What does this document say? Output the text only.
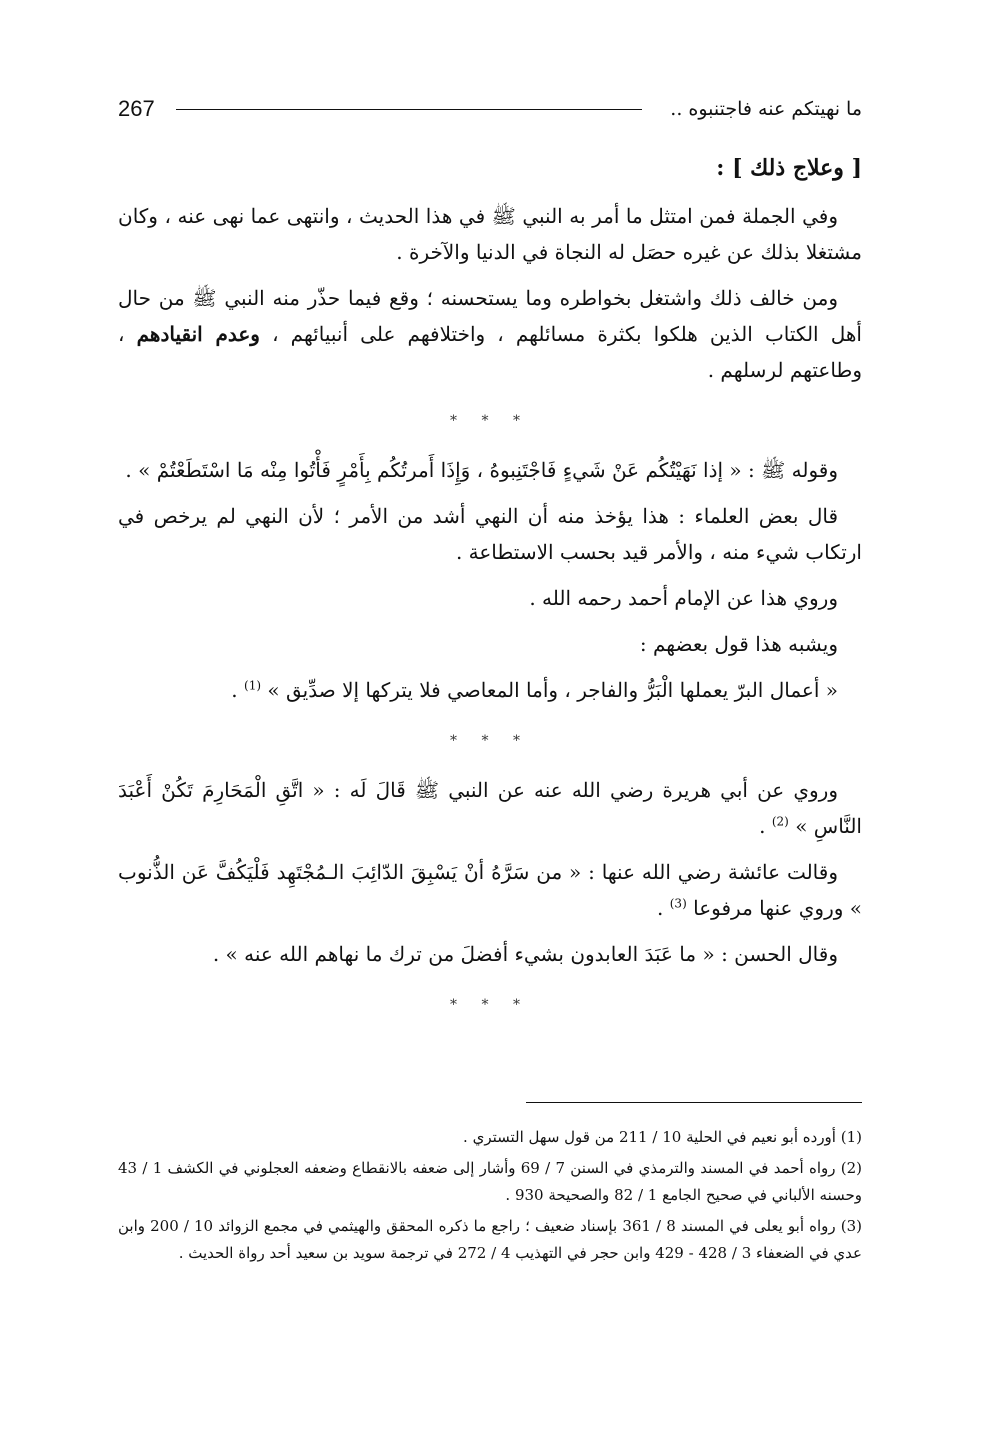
267	ما نهيتكم عنه فاجتنبوه ..

[ وعلاج ذلك ] :

وفي الجملة فمن امتثل ما أمر به النبي ﷺ في هذا الحديث ، وانتهى عما نهى عنه ، وكان مشتغلا بذلك عن غيره حصَل له النجاة في الدنيا والآخرة .

ومن خالف ذلك واشتغل بخواطره وما يستحسنه ؛ وقع فيما حذّر منه النبي ﷺ من حال أهل الكتاب الذين هلكوا بكثرة مسائلهم ، واختلافهم على أنبيائهم ، وعدم انقيادهم ، وطاعتهم لرسلهم .

* * *

وقوله ﷺ : « إذا نَهَيْتُكُم عَنْ شَيءٍ فَاجْتَنِبوهُ ، وَإِذَا أَمرتُكُم بِأَمْرٍ فَأْتُوا مِنْه مَا اسْتَطَعْتُمْ » .

قال بعض العلماء : هذا يؤخذ منه أن النهي أشد من الأمر ؛ لأن النهي لم يرخص في ارتكاب شيء منه ، والأمر قيد بحسب الاستطاعة .

وروي هذا عن الإمام أحمد رحمه الله .

ويشبه هذا قول بعضهم :

« أعمال البرّ يعملها الْبَرُّ والفاجر ، وأما المعاصي فلا يتركها إلا صدِّيق » $^{(1)}$ .

* * *

وروي عن أبي هريرة رضي الله عنه عن النبي ﷺ قَالَ لَه : « اتَّقِ الْمَحَارِمَ تَكُنْ أَعْبَدَ النَّاسِ » $^{(2)}$ .

وقالت عائشة رضي الله عنها : « من سَرَّهُ أنْ يَسْبِقَ الدّائِبَ الـمُجْتَهِد فَلْيَكُفَّ عَن الذُّنوب » وروي عنها مرفوعا $^{(3)}$ .

وقال الحسن : « ما عَبَدَ العابدون بشيء أفضلَ من ترك ما نهاهم الله عنه » .

* * *

(1) أورده أبو نعيم في الحلية 10 / 211 من قول سهل التستري .

(2) رواه أحمد في المسند والترمذي في السنن 7 / 69 وأشار إلى ضعفه بالانقطاع وضعفه العجلوني في الكشف 1 / 43 وحسنه الألباني في صحيح الجامع 1 / 82 والصحيحة 930 .

(3) رواه أبو يعلى في المسند 8 / 361 بإسناد ضعيف ؛ راجع ما ذكره المحقق والهيثمي في مجمع الزوائد 10 / 200 وابن عدي في الضعفاء 3 / 428 - 429 وابن حجر في التهذيب 4 / 272 في ترجمة سويد بن سعيد أحد رواة الحديث .
